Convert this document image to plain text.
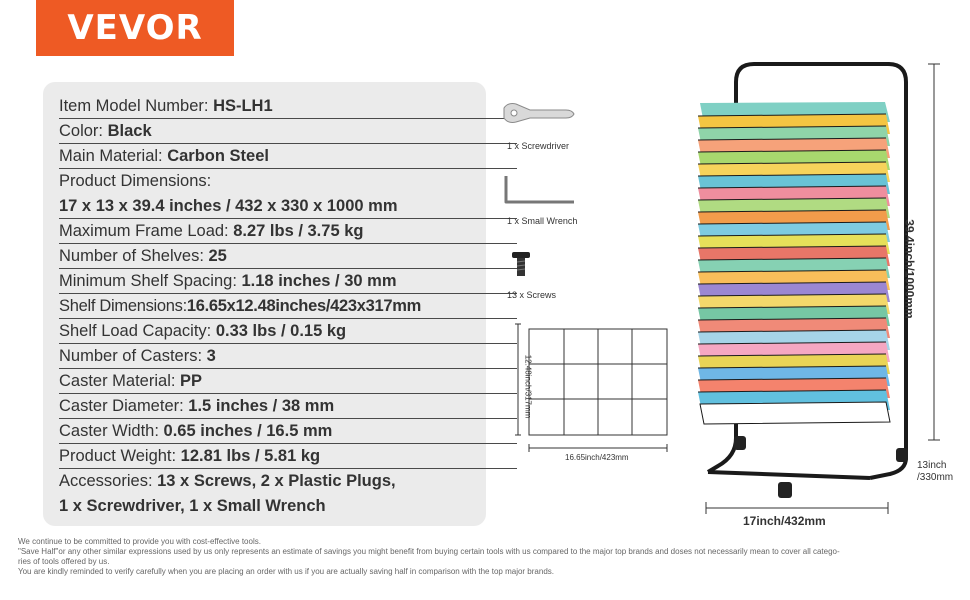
VEVOR
Item Model Number: HS-LH1
Color: Black
Main Material: Carbon Steel
Product Dimensions:
17 x 13 x 39.4 inches / 432 x 330 x 1000 mm
Maximum Frame Load: 8.27 lbs / 3.75 kg
Number of Shelves: 25
Minimum Shelf Spacing: 1.18 inches / 30 mm
Shelf Dimensions:16.65x12.48inches/423x317mm
Shelf Load Capacity: 0.33 lbs / 0.15 kg
Number of Casters: 3
Caster Material: PP
Caster Diameter: 1.5 inches / 38 mm
Caster Width: 0.65 inches / 16.5 mm
Product Weight: 12.81 lbs / 5.81 kg
Accessories: 13 x Screws, 2 x Plastic Plugs,
1 x Screwdriver, 1 x Small Wrench
1 x Screwdriver
1 x Small Wrench
13 x Screws
12.48inch/317mm
16.65inch/423mm
39.4inch/1000mm
13inch
/330mm
17inch/432mm
We continue to be committed to provide you with cost-effective tools.
"Save Half"or any other similar expressions used by us only represents an estimate of savings you might benefit from buying certain tools with us compared to the major top brands and doses not necessarily mean to cover all catego-
ries of tools offered by us.
You are kindly reminded to verify carefully when you are placing an order with us if you are actually saving half in comparison with the top major brands.
